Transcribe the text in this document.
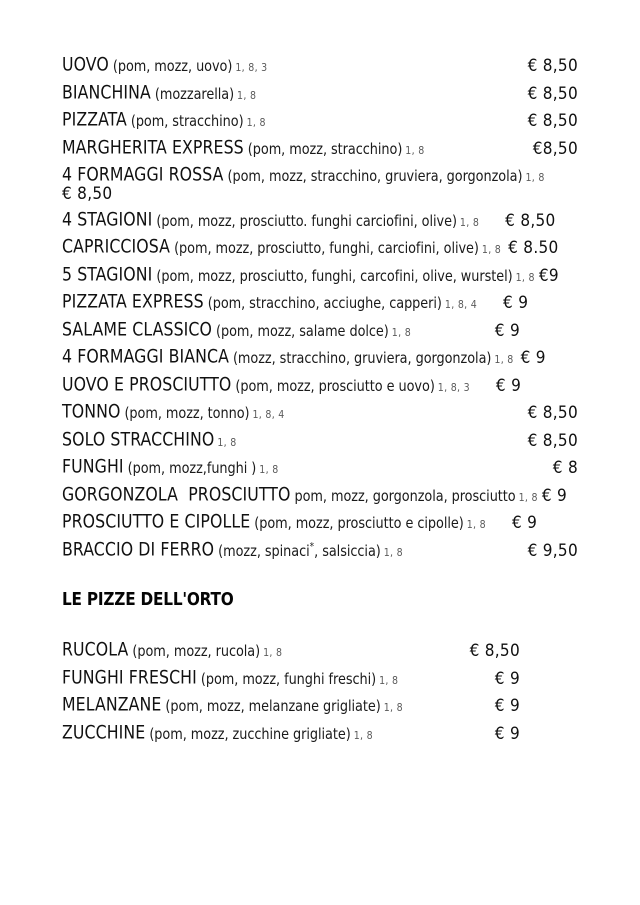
UOVO (pom, mozz, uovo) 1, 8, 3	€ 8,50
BIANCHINA (mozzarella) 1, 8	€ 8,50
PIZZATA (pom, stracchino) 1, 8	€ 8,50
MARGHERITA EXPRESS (pom, mozz, stracchino) 1, 8	€8,50
4 FORMAGGI ROSSA (pom, mozz, stracchino, gruviera, gorgonzola) 1, 8
€ 8,50
4 STAGIONI (pom, mozz, prosciutto. funghi carciofini, olive) 1, 8	€ 8,50
CAPRICCIOSA (pom, mozz, prosciutto, funghi, carciofini, olive) 1, 8 € 8.50
5 STAGIONI (pom, mozz, prosciutto, funghi, carcofini, olive, wurstel) 1, 8 €9
PIZZATA EXPRESS (pom, stracchino, acciughe, capperi) 1, 8, 4	€ 9
SALAME CLASSICO (pom, mozz, salame dolce) 1, 8	€ 9
4 FORMAGGI BIANCA (mozz, stracchino, gruviera, gorgonzola) 1, 8 € 9
UOVO E PROSCIUTTO (pom, mozz, prosciutto e uovo) 1, 8, 3	€ 9
TONNO (pom, mozz, tonno) 1, 8, 4	€ 8,50
SOLO STRACCHINO 1, 8	€ 8,50
FUNGHI (pom, mozz,funghi ) 1, 8	€ 8
GORGONZOLA  PROSCIUTTO pom, mozz, gorgonzola, prosciutto 1, 8 € 9
PROSCIUTTO E CIPOLLE (pom, mozz, prosciutto e cipolle) 1, 8	€ 9
BRACCIO DI FERRO (mozz, spinaci*, salsiccia) 1, 8	€ 9,50
LE PIZZE DELL'ORTO
RUCOLA (pom, mozz, rucola) 1, 8	€ 8,50
FUNGHI FRESCHI (pom, mozz, funghi freschi) 1, 8	€ 9
MELANZANE (pom, mozz, melanzane grigliate) 1, 8	€ 9
ZUCCHINE (pom, mozz, zucchine grigliate) 1, 8	€ 9
